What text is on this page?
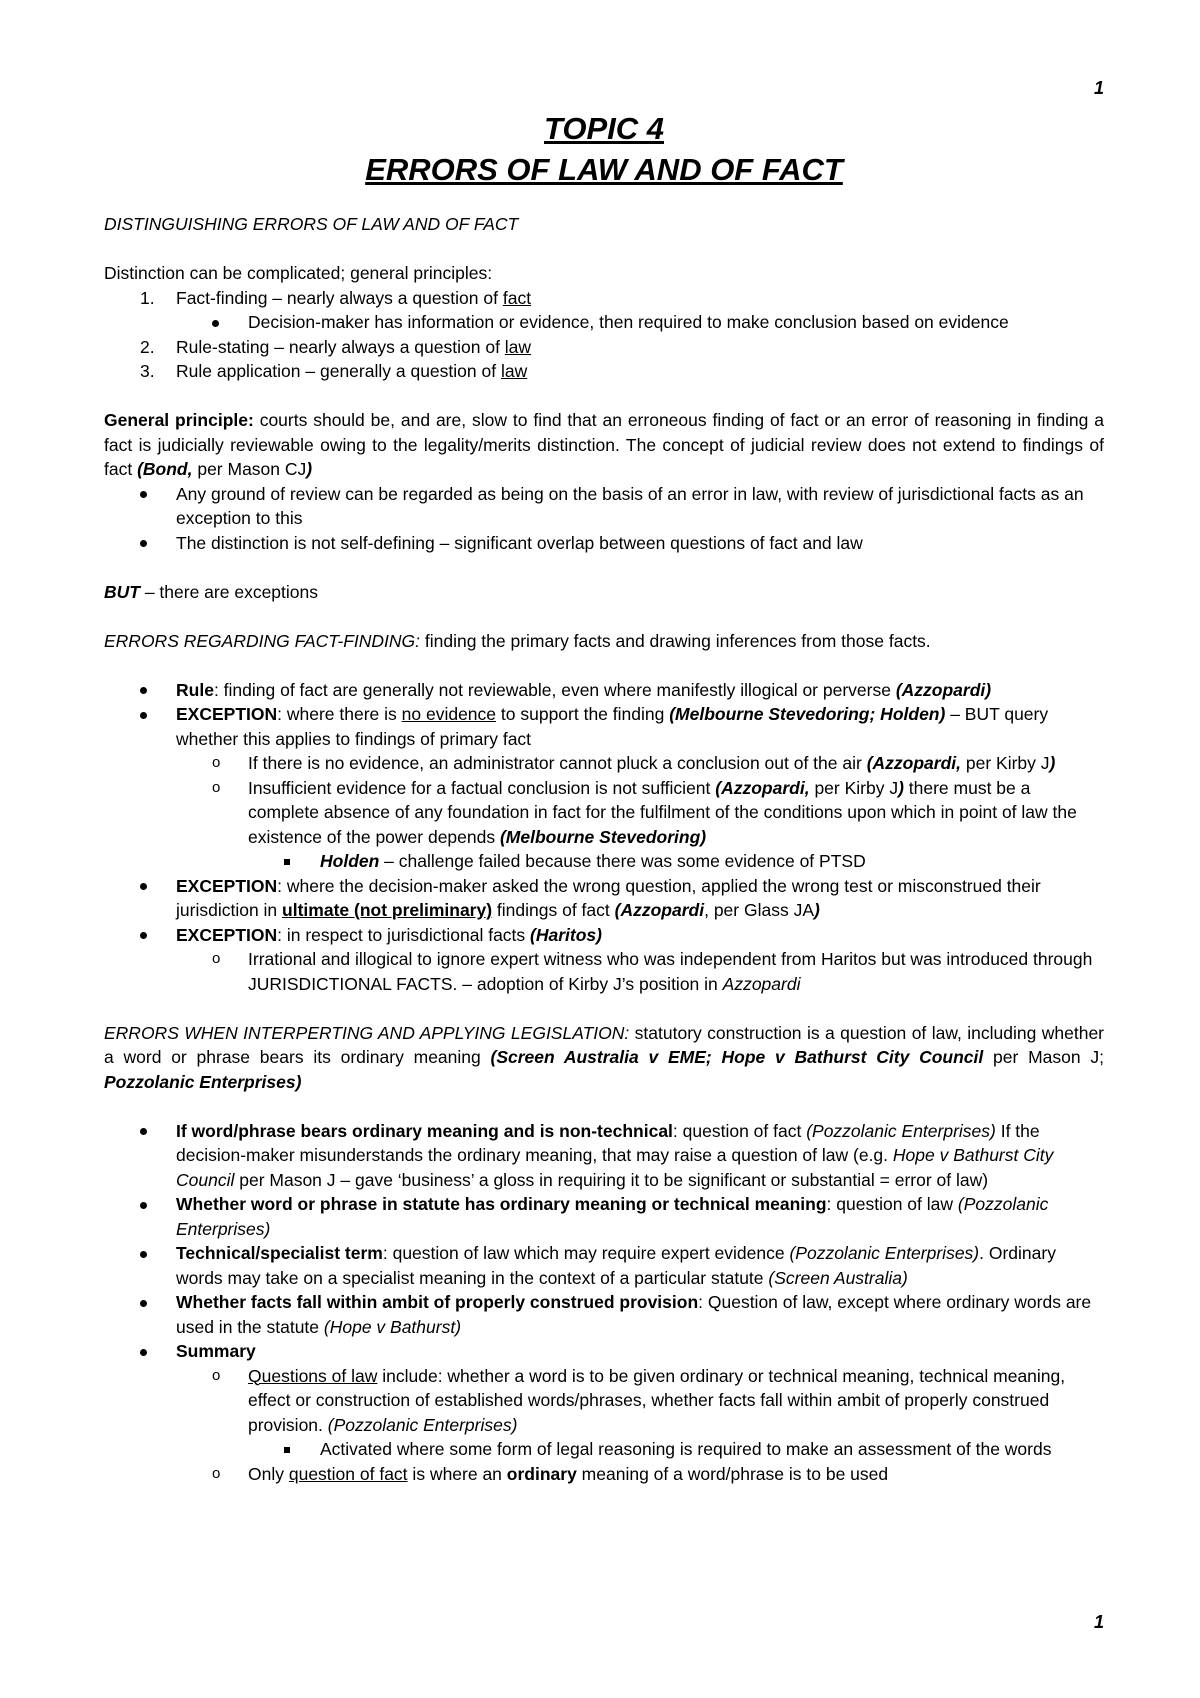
1
TOPIC 4
ERRORS OF LAW AND OF FACT
DISTINGUISHING ERRORS OF LAW AND OF FACT
Distinction can be complicated; general principles:
1. Fact-finding – nearly always a question of fact
Decision-maker has information or evidence, then required to make conclusion based on evidence
2. Rule-stating – nearly always a question of law
3. Rule application – generally a question of law
General principle: courts should be, and are, slow to find that an erroneous finding of fact or an error of reasoning in finding a fact is judicially reviewable owing to the legality/merits distinction. The concept of judicial review does not extend to findings of fact (Bond, per Mason CJ)
Any ground of review can be regarded as being on the basis of an error in law, with review of jurisdictional facts as an exception to this
The distinction is not self-defining – significant overlap between questions of fact and law
BUT – there are exceptions
ERRORS REGARDING FACT-FINDING: finding the primary facts and drawing inferences from those facts.
Rule: finding of fact are generally not reviewable, even where manifestly illogical or perverse (Azzopardi)
EXCEPTION: where there is no evidence to support the finding (Melbourne Stevedoring; Holden) – BUT query whether this applies to findings of primary fact
o If there is no evidence, an administrator cannot pluck a conclusion out of the air (Azzopardi, per Kirby J)
o Insufficient evidence for a factual conclusion is not sufficient (Azzopardi, per Kirby J) there must be a complete absence of any foundation in fact for the fulfilment of the conditions upon which in point of law the existence of the power depends (Melbourne Stevedoring)
Holden – challenge failed because there was some evidence of PTSD
EXCEPTION: where the decision-maker asked the wrong question, applied the wrong test or misconstrued their jurisdiction in ultimate (not preliminary) findings of fact (Azzopardi, per Glass JA)
EXCEPTION: in respect to jurisdictional facts (Haritos)
o Irrational and illogical to ignore expert witness who was independent from Haritos but was introduced through JURISDICTIONAL FACTS. – adoption of Kirby J’s position in Azzopardi
ERRORS WHEN INTERPERTING AND APPLYING LEGISLATION: statutory construction is a question of law, including whether a word or phrase bears its ordinary meaning (Screen Australia v EME; Hope v Bathurst City Council per Mason J; Pozzolanic Enterprises)
If word/phrase bears ordinary meaning and is non-technical: question of fact (Pozzolanic Enterprises) If the decision-maker misunderstands the ordinary meaning, that may raise a question of law (e.g. Hope v Bathurst City Council per Mason J – gave ‘business’ a gloss in requiring it to be significant or substantial = error of law)
Whether word or phrase in statute has ordinary meaning or technical meaning: question of law (Pozzolanic Enterprises)
Technical/specialist term: question of law which may require expert evidence (Pozzolanic Enterprises). Ordinary words may take on a specialist meaning in the context of a particular statute (Screen Australia)
Whether facts fall within ambit of properly construed provision: Question of law, except where ordinary words are used in the statute (Hope v Bathurst)
Summary
o Questions of law include: whether a word is to be given ordinary or technical meaning, technical meaning, effect or construction of established words/phrases, whether facts fall within ambit of properly construed provision. (Pozzolanic Enterprises)
Activated where some form of legal reasoning is required to make an assessment of the words
o Only question of fact is where an ordinary meaning of a word/phrase is to be used
1
